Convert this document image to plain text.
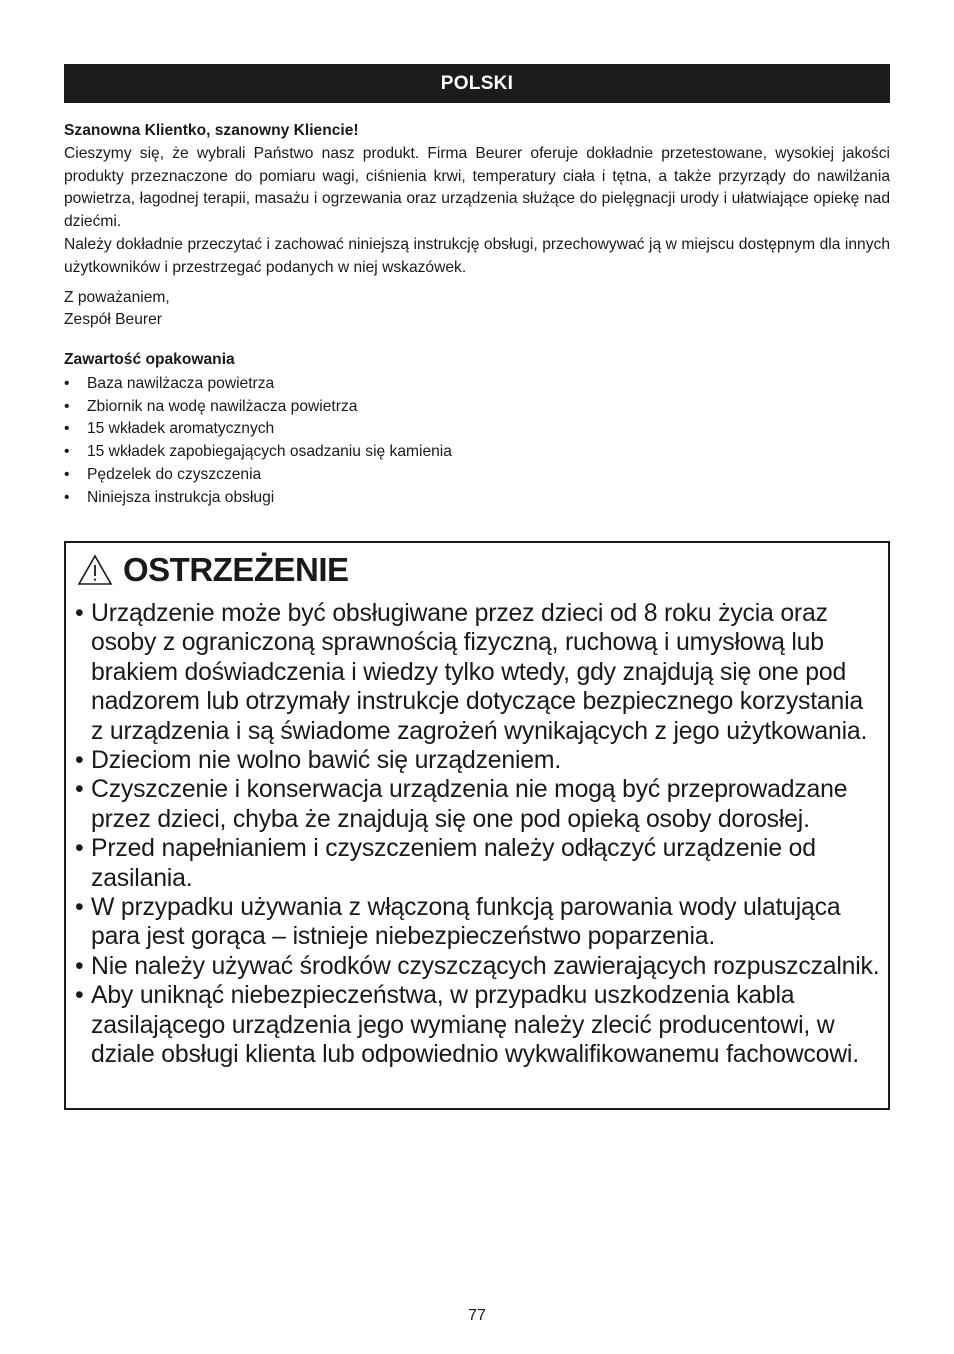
POLSKI

Szanowna Klientko, szanowny Kliencie!

Cieszymy się, że wybrali Państwo nasz produkt. Firma Beurer oferuje dokładnie przetestowane, wysokiej jakości produkty przeznaczone do pomiaru wagi, ciśnienia krwi, temperatury ciała i tętna, a także przyrządy do nawilżania powietrza, łagodnej terapii, masażu i ogrzewania oraz urządzenia służące do pielęgnacji urody i ułatwiające opiekę nad dziećmi.

Należy dokładnie przeczytać i zachować niniejszą instrukcję obsługi, przechowywać ją w miejscu dostępnym dla innych użytkowników i przestrzegać podanych w niej wskazówek.

Z poważaniem,

Zespół Beurer

Zawartość opakowania
• Baza nawilżacza powietrza
• Zbiornik na wodę nawilżacza powietrza
• 15 wkładek aromatycznych
• 15 wkładek zapobiegających osadzaniu się kamienia
• Pędzelek do czyszczenia
• Niniejsza instrukcja obsługi
OSTRZEŻENIE
• Urządzenie może być obsługiwane przez dzieci od 8 roku życia oraz osoby z ograniczoną sprawnością fizyczną, ruchową i umysłową lub brakiem doświadczenia i wiedzy tylko wtedy, gdy znajdują się one pod nadzorem lub otrzymały instrukcje dotyczące bezpiecznego korzystania z urządzenia i są świadome zagrożeń wynikających z jego użytkowania.
• Dzieciom nie wolno bawić się urządzeniem.
• Czyszczenie i konserwacja urządzenia nie mogą być przeprowadzane przez dzieci, chyba że znajdują się one pod opieką osoby dorosłej.
• Przed napełnianiem i czyszczeniem należy odłączyć urządzenie od zasilania.
• W przypadku używania z włączoną funkcją parowania wody ulatująca para jest gorąca – istnieje niebezpieczeństwo poparzenia.
• Nie należy używać środków czyszczących zawierających rozpuszczalnik.
• Aby uniknąć niebezpieczeństwa, w przypadku uszkodzenia kabla zasilającego urządzenia jego wymianę należy zlecić producentowi, w dziale obsługi klienta lub odpowiednio wykwalifikowanemu fachowcowi.
77
